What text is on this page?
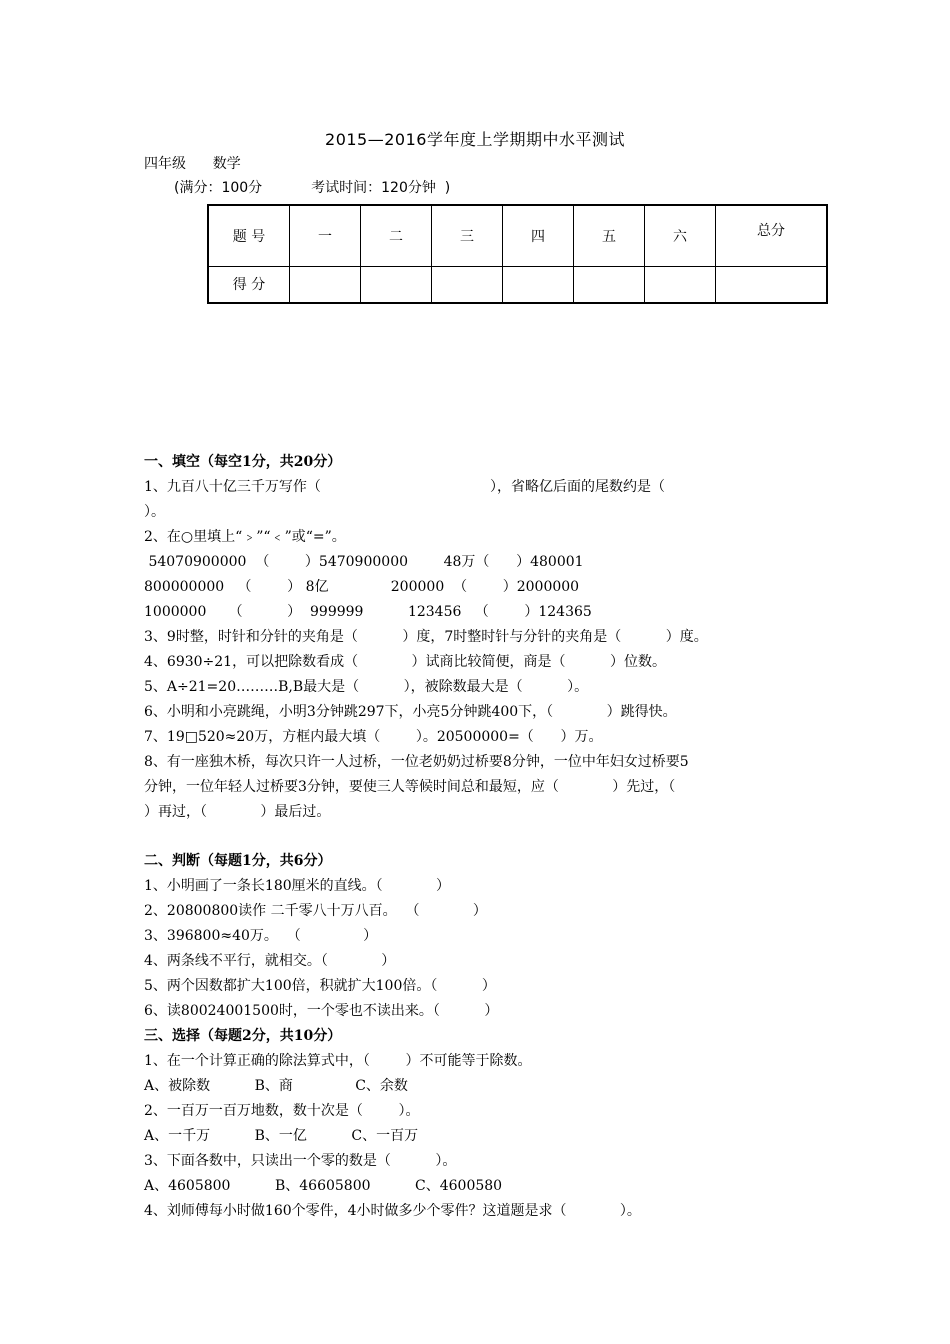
2015—2016学年度上学期期中水平测试
四年级      数学
(满分：100分           考试时间：120分钟  )
题 号	一	二	三	四	五	六	总分
得 分							
一、填空（每空1分，共20分）
1、九百八十亿三千万写作（                                      ），省略亿后面的尾数约是（
）。
2、在○里填上“﹥”“﹤”或“=”。
54070900000  （        ）5470900000        48万（      ）480001
800000000   （        ） 8亿              200000  （        ）2000000
1000000     （          ）  999999          123456   （        ）124365
3、9时整，时针和分针的夹角是（          ）度，7时整时针与分针的夹角是（          ）度。
4、6930÷21，可以把除数看成（            ）试商比较简便，商是（          ）位数。
5、A÷21=20………B,B最大是（          ），被除数最大是（          ）。
6、小明和小亮跳绳，小明3分钟跳297下，小亮5分钟跳400下，（            ）跳得快。
7、19□520≈20万，方框内最大填（        ）。20500000=（      ）万。
8、有一座独木桥，每次只许一人过桥，一位老奶奶过桥要8分钟，一位中年妇女过桥要5
分钟，一位年轻人过桥要3分钟，要使三人等候时间总和最短，应（            ）先过，（
）再过，（            ）最后过。
二、判断（每题1分，共6分）
1、小明画了一条长180厘米的直线。（            ）
2、20800800读作 二千零八十万八百。  （            ）
3、396800≈40万。  （              ）
4、两条线不平行，就相交。（            ）
5、两个因数都扩大100倍，积就扩大100倍。（          ）
6、读80024001500时，一个零也不读出来。（          ）
三、选择（每题2分，共10分）
1、在一个计算正确的除法算式中，（        ）不可能等于除数。
A、被除数          B、商              C、余数
2、一百万一百万地数，数十次是（        ）。
A、一千万          B、一亿          C、一百万
3、下面各数中，只读出一个零的数是（          ）。
A、4605800          B、46605800          C、4600580
4、刘师傅每小时做160个零件，4小时做多少个零件？这道题是求（            ）。
